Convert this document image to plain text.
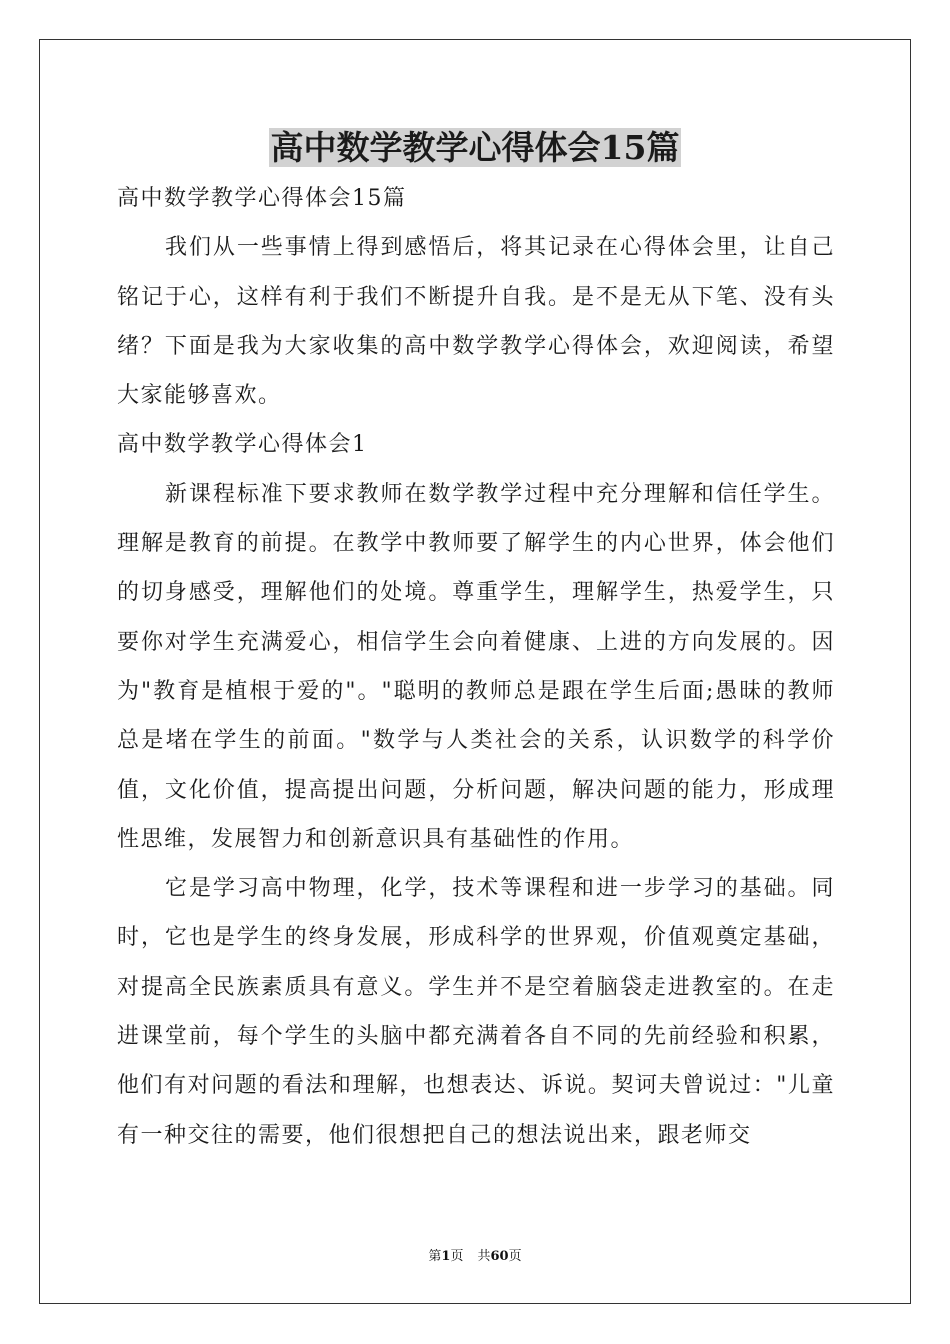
高中数学教学心得体会15篇

高中数学教学心得体会15篇

我们从一些事情上得到感悟后，将其记录在心得体会里，让自己铭记于心，这样有利于我们不断提升自我。是不是无从下笔、没有头绪？下面是我为大家收集的高中数学教学心得体会，欢迎阅读，希望大家能够喜欢。

高中数学教学心得体会1

新课程标准下要求教师在数学教学过程中充分理解和信任学生。理解是教育的前提。在教学中教师要了解学生的内心世界，体会他们的切身感受，理解他们的处境。尊重学生，理解学生，热爱学生，只要你对学生充满爱心，相信学生会向着健康、上进的方向发展的。因为"教育是植根于爱的"。"聪明的教师总是跟在学生后面;愚昧的教师总是堵在学生的前面。"数学与人类社会的关系，认识数学的科学价值，文化价值，提高提出问题，分析问题，解决问题的能力，形成理性思维，发展智力和创新意识具有基础性的作用。

它是学习高中物理，化学，技术等课程和进一步学习的基础。同时，它也是学生的终身发展，形成科学的世界观，价值观奠定基础，对提高全民族素质具有意义。学生并不是空着脑袋走进教室的。在走进课堂前，每个学生的头脑中都充满着各自不同的先前经验和积累，他们有对问题的看法和理解，也想表达、诉说。契诃夫曾说过："儿童有一种交往的需要，他们很想把自己的想法说出来，跟老师交

第1页 共60页
